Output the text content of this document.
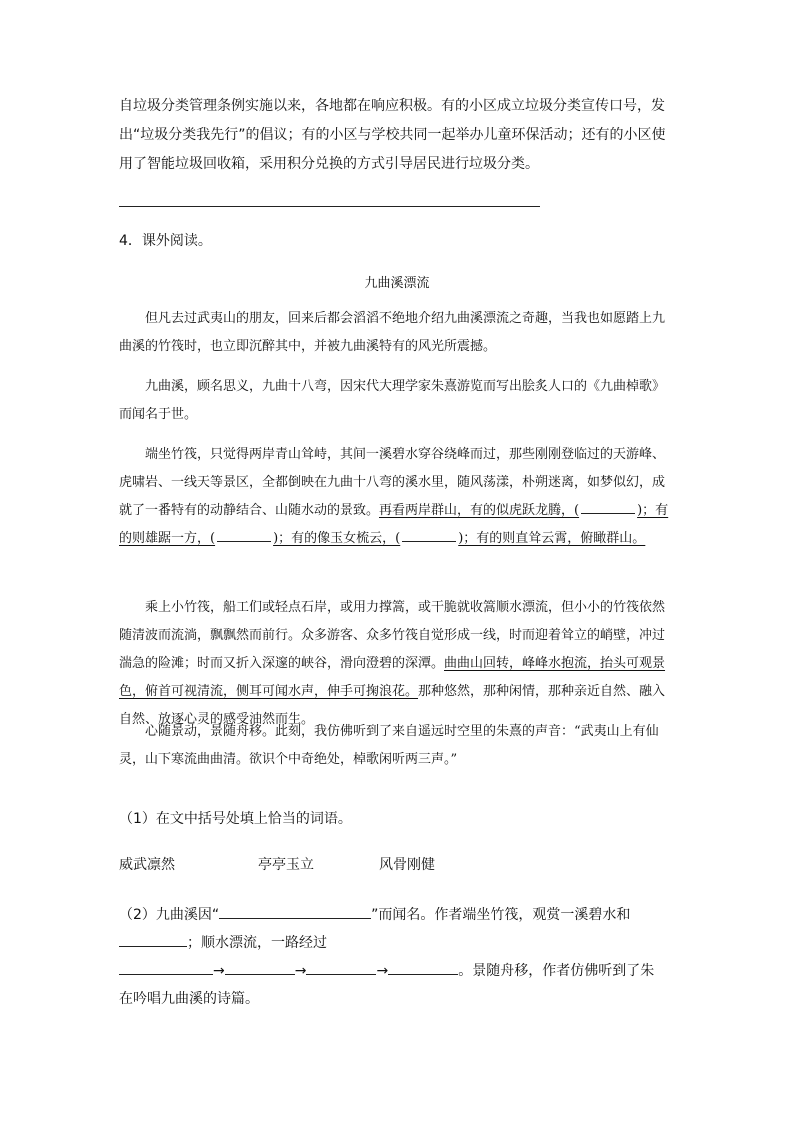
自垃圾分类管理条例实施以来，各地都在响应积极。有的小区成立垃圾分类宣传口号，发出“垃圾分类我先行”的倡议；有的小区与学校共同一起举办儿童环保活动；还有的小区使用了智能垃圾回收箱，采用积分兑换的方式引导居民进行垃圾分类。

4．课外阅读。

九曲溪漂流

但凡去过武夷山的朋友，回来后都会滔滔不绝地介绍九曲溪漂流之奇趣，当我也如愿踏上九曲溪的竹筏时，也立即沉醉其中，并被九曲溪特有的风光所震撼。

九曲溪，顾名思义，九曲十八弯，因宋代大理学家朱熹游览而写出脍炙人口的《九曲棹歌》而闻名于世。

端坐竹筏，只觉得两岸青山耸峙，其间一溪碧水穿谷绕峰而过，那些刚刚登临过的天游峰、虎啸岩、一线天等景区，全都倒映在九曲十八弯的溪水里，随风荡漾，朴朔迷离，如梦似幻，成就了一番特有的动静结合、山随水动的景致。再看两岸群山，有的似虎跃龙腾，(	)；有的则雄踞一方，(	)；有的像玉女梳云，(	)；有的则直耸云霄，俯瞰群山。

乘上小竹筏，船工们或轻点石岸，或用力撑篙，或干脆就收篙顺水漂流，但小小的竹筏依然随清波而流淌，飘飘然而前行。众多游客、众多竹筏自觉形成一线，时而迎着耸立的峭壁，冲过湍急的险滩；时而又折入深邃的峡谷，滑向澄碧的深潭。曲曲山回转，峰峰水抱流，抬头可观景色，俯首可视清流，侧耳可闻水声，伸手可掬浪花。那种悠然，那种闲情，那种亲近自然、融入自然、放逐心灵的感受油然而生。

心随景动，景随舟移。此刻，我仿佛听到了来自遥远时空里的朱熹的声音：“武夷山上有仙灵，山下寒流曲曲清。欲识个中奇绝处，棹歌闲听两三声。”

（1）在文中括号处填上恰当的词语。

威武凛然	亭亭玉立	风骨刚健

（2）九曲溪因“	”而闻名。作者端坐竹筏，观赏一溪碧水和
；顺水漂流，一路经过
→	→	→	。景随舟移，作者仿佛听到了朱
在吟唱九曲溪的诗篇。
